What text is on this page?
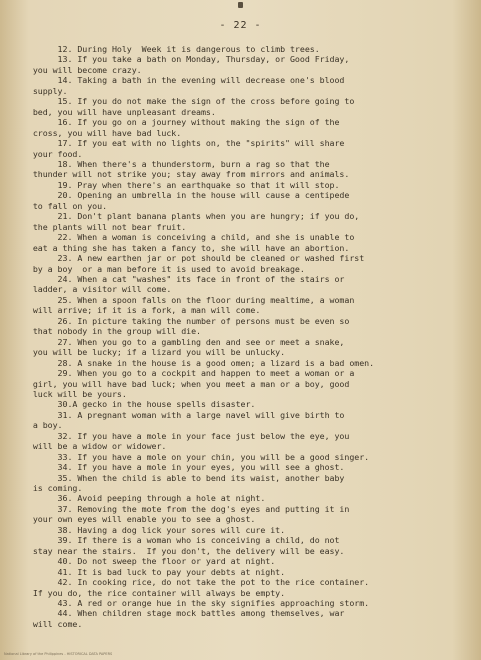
- 22 -
12. During Holy  Week it is dangerous to climb trees.
13. If you take a bath on Monday, Thursday, or Good Friday,
you will become crazy.
14. Taking a bath in the evening will decrease one's blood
supply.
15. If you do not make the sign of the cross before going to
bed, you will have unpleasant dreams.
16. If you go on a journey without making the sign of the
cross, you will have bad luck.
17. If you eat with no lights on, the "spirits" will share
your food.
18. When there's a thunderstorm, burn a rag so that the
thunder will not strike you; stay away from mirrors and animals.
19. Pray when there's an earthquake so that it will stop.
20. Opening an umbrella in the house will cause a centipede
to fall on you.
21. Don't plant banana plants when you are hungry; if you do,
the plants will not bear fruit.
22. When a woman is conceiving a child, and she is unable to
eat a thing she has taken a fancy to, she will have an abortion.
23. A new earthen jar or pot should be cleaned or washed first
by a boy  or a man before it is used to avoid breakage.
24. When a cat "washes" its face in front of the stairs or
ladder, a visitor will come.
25. When a spoon falls on the floor during mealtime, a woman
will arrive; if it is a fork, a man will come.
26. In picture taking the number of persons must be even so
that nobody in the group will die.
27. When you go to a gambling den and see or meet a snake,
you will be lucky; if a lizard you will be unlucky.
28. A snake in the house is a good omen; a lizard is a bad omen.
29. When you go to a cockpit and happen to meet a woman or a
girl, you will have bad luck; when you meet a man or a boy, good
luck will be yours.
30.A gecko in the house spells disaster.
31. A pregnant woman with a large navel will give birth to
a boy.
32. If you have a mole in your face just below the eye, you
will be a widow or widower.
33. If you have a mole on your chin, you will be a good singer.
34. If you have a mole in your eyes, you will see a ghost.
35. When the child is able to bend its waist, another baby
is coming.
36. Avoid peeping through a hole at night.
37. Removing the mote from the dog's eyes and putting it in
your own eyes will enable you to see a ghost.
38. Having a dog lick your sores will cure it.
39. If there is a woman who is conceiving a child, do not
stay near the stairs.  If you don't, the delivery will be easy.
40. Do not sweep the floor or yard at night.
41. It is bad luck to pay your debts at night.
42. In cooking rice, do not take the pot to the rice container.
If you do, the rice container will always be empty.
43. A red or orange hue in the sky signifies approaching storm.
44. When children stage mock battles among themselves, war
will come.
National Library of the Philippines - HISTORICAL DATA PAPERS
